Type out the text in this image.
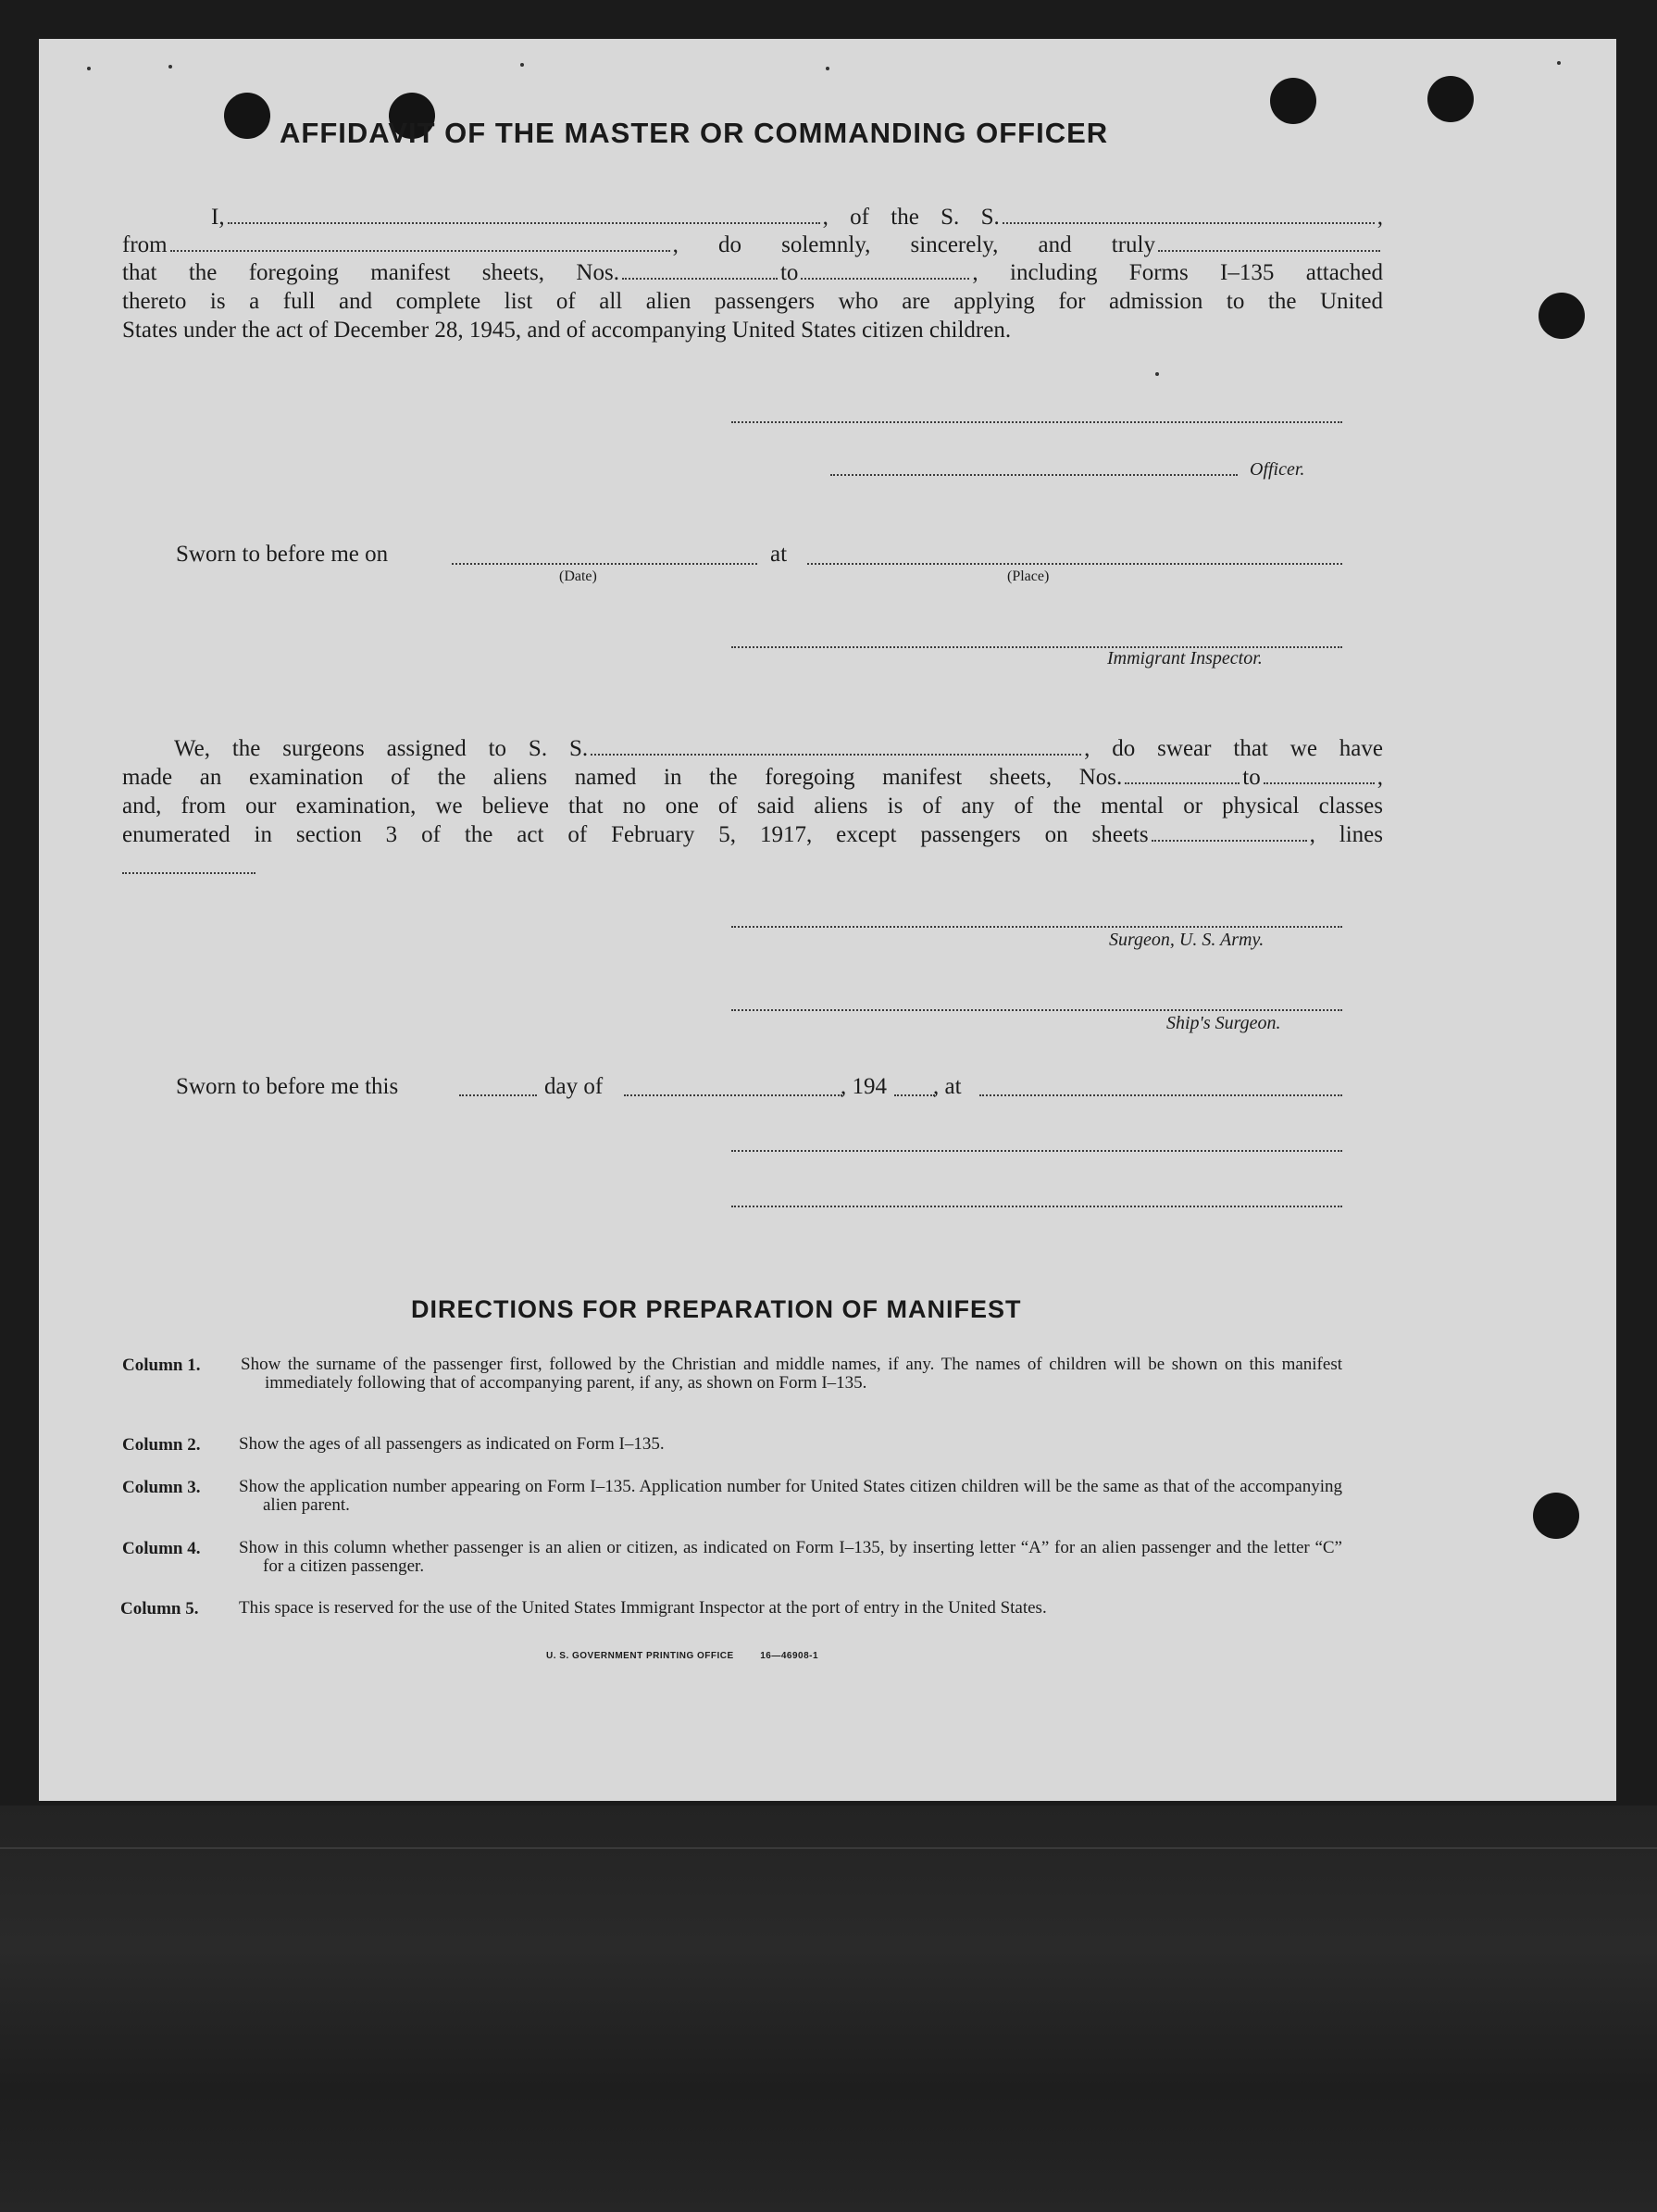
AFFIDAVIT OF THE MASTER OR COMMANDING OFFICER
I,	, of the S. S.	,
from	, do solemnly, sincerely, and truly
that the foregoing manifest sheets, Nos.	to	, including Forms I–135 attached
thereto is a full and complete list of all alien passengers who are applying for admission to the United
States under the act of December 28, 1945, and of accompanying United States citizen children.
Officer.
Sworn to before me on
(Date)
at
(Place)
Immigrant Inspector.
We, the surgeons assigned to S. S.	, do swear that we have
made an examination of the aliens named in the foregoing manifest sheets, Nos.	to	,
and, from our examination, we believe that no one of said aliens is of any of the mental or physical classes
enumerated in section 3 of the act of February 5, 1917, except passengers on sheets	, lines
Surgeon, U. S. Army.
Ship's Surgeon.
Sworn to before me this	day of	, 194 , at
DIRECTIONS FOR PREPARATION OF MANIFEST
Column 1. Show the surname of the passenger first, followed by the Christian and middle names, if any. The names of children will be shown on this manifest immediately following that of accompanying parent, if any, as shown on Form I–135.
Column 2. Show the ages of all passengers as indicated on Form I–135.
Column 3. Show the application number appearing on Form I–135. Application number for United States citizen children will be the same as that of the accompanying alien parent.
Column 4. Show in this column whether passenger is an alien or citizen, as indicated on Form I–135, by inserting letter “A” for an alien passenger and the letter “C” for a citizen passenger.
Column 5. This space is reserved for the use of the United States Immigrant Inspector at the port of entry in the United States.
U. S. GOVERNMENT PRINTING OFFICE	16—46908-1
